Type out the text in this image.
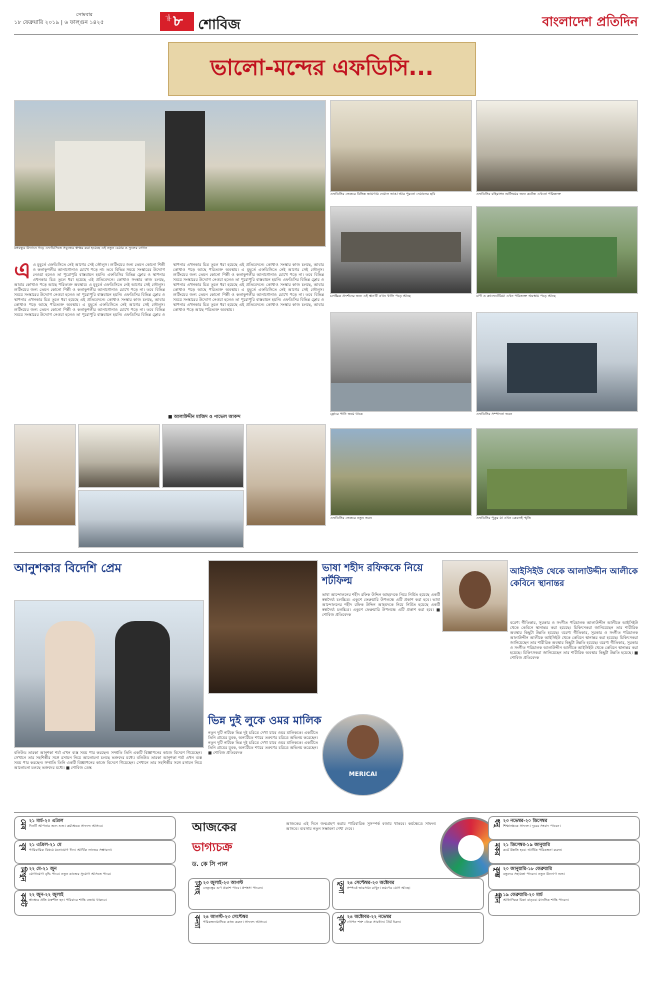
সোমবার
১৮ ফেব্রুয়ারি ২০১৯ | ৬ ফাল্গুন ১৪২৫
পৃষ্ঠা ৮ শোবিজ	বাংলাদেশ প্রতিদিন
ভালো-মন্দের এফডিসি...
বঙ্গবন্ধুর উদ্যানে গড়ে এফডিসিতে সবুজের স্বাক্ষর করা হয়েছে এই নতুন চেয়ার ও ফুলের বাগান
এফডিসির ভেতরে বিভিন্ন জায়গায় দেয়াল ভাঙা আর পুরনো দেয়ালের ছবি	এফডিসির বহিরাঙ্গন শুটিংয়ের জন্য কটেজ এখনো পরিত্যক্ত
চলচ্চিত্র প্রদর্শনের জন্য এই স্থানটি এখন খালি পড়ে আছে	ঝর্ণা ও ক্যাফেটেরিয়া এখন পরিত্যক্ত অবস্থায় পড়ে আছে
ফ্লোরে পানি জমে থাকে	এফডিসির সম্পাদনা ভবন
এফডিসির ভেতরে নতুন ভবন	এফডিসির পুকুর যা এখন কেবলই স্মৃতি
এ এ মুহূর্তে এফডিসিতে নেই আগের সেই জৌলুস। শুটিংয়ের জন্য তেমন কোনো শিল্পী ও কলাকুশলীর আনাগোনাও চোখে পড়ে না। তবে বিভিন্ন সময়ে সংস্কারের উদ্যোগ নেওয়া হলেও তা পুরোপুরি বাস্তবায়ন হয়নি। এফডিসির বিভিন্ন ফ্লোর ও স্থাপনার এখনকার চিত্র তুলে ধরা হয়েছে এই প্রতিবেদনে। কোথাও সংস্কার কাজ চলছে, আবার কোথাও পড়ে আছে পরিত্যক্ত অবস্থায়। এ মুহূর্তে এফডিসিতে নেই আগের সেই জৌলুস। শুটিংয়ের জন্য তেমন কোনো শিল্পী ও কলাকুশলীর আনাগোনাও চোখে পড়ে না। তবে বিভিন্ন সময়ে সংস্কারের উদ্যোগ নেওয়া হলেও তা পুরোপুরি বাস্তবায়ন হয়নি। এফডিসির বিভিন্ন ফ্লোর ও স্থাপনার এখনকার চিত্র তুলে ধরা হয়েছে এই প্রতিবেদনে। কোথাও সংস্কার কাজ চলছে, আবার কোথাও পড়ে আছে পরিত্যক্ত অবস্থায়। এ মুহূর্তে এফডিসিতে নেই আগের সেই জৌলুস। শুটিংয়ের জন্য তেমন কোনো শিল্পী ও কলাকুশলীর আনাগোনাও চোখে পড়ে না। তবে বিভিন্ন সময়ে সংস্কারের উদ্যোগ নেওয়া হলেও তা পুরোপুরি বাস্তবায়ন হয়নি। এফডিসির বিভিন্ন ফ্লোর ও স্থাপনার এখনকার চিত্র তুলে ধরা হয়েছে এই প্রতিবেদনে। কোথাও সংস্কার কাজ চলছে, আবার কোথাও পড়ে আছে পরিত্যক্ত অবস্থায়। এ মুহূর্তে এফডিসিতে নেই আগের সেই জৌলুস। শুটিংয়ের জন্য তেমন কোনো শিল্পী ও কলাকুশলীর আনাগোনাও চোখে পড়ে না। তবে বিভিন্ন সময়ে সংস্কারের উদ্যোগ নেওয়া হলেও তা পুরোপুরি বাস্তবায়ন হয়নি। এফডিসির বিভিন্ন ফ্লোর ও স্থাপনার এখনকার চিত্র তুলে ধরা হয়েছে এই প্রতিবেদনে। কোথাও সংস্কার কাজ চলছে, আবার কোথাও পড়ে আছে পরিত্যক্ত অবস্থায়। এ মুহূর্তে এফডিসিতে নেই আগের সেই জৌলুস। শুটিংয়ের জন্য তেমন কোনো শিল্পী ও কলাকুশলীর আনাগোনাও চোখে পড়ে না। তবে বিভিন্ন সময়ে সংস্কারের উদ্যোগ নেওয়া হলেও তা পুরোপুরি বাস্তবায়ন হয়নি। এফডিসির বিভিন্ন ফ্লোর ও স্থাপনার এখনকার চিত্র তুলে ধরা হয়েছে এই প্রতিবেদনে। কোথাও সংস্কার কাজ চলছে, আবার কোথাও পড়ে আছে পরিত্যক্ত অবস্থায়।
■ আলাউদ্দীন মাজিদ ও পাভেল আকন্দ
আনুশকার বিদেশি প্রেম
বলিউড তারকা আনুশকা শর্মা এখন ব্যস্ত সময় পার করছেন। সম্প্রতি তিনি একটি বিজ্ঞাপনের কাজে বিদেশে গিয়েছেন। সেখানে তার সহশিল্পীর সঙ্গে রসায়ন নিয়ে আলোচনা চলছে ভক্তদের মধ্যে। বলিউড তারকা আনুশকা শর্মা এখন ব্যস্ত সময় পার করছেন। সম্প্রতি তিনি একটি বিজ্ঞাপনের কাজে বিদেশে গিয়েছেন। সেখানে তার সহশিল্পীর সঙ্গে রসায়ন নিয়ে আলোচনা চলছে ভক্তদের মধ্যে। ■ শোবিজ ডেস্ক
ভাষা শহীদ রফিককে নিয়ে শর্টফিল্ম
ভাষা আন্দোলনের শহীদ রফিক উদ্দিন আহমদকে নিয়ে নির্মিত হয়েছে একটি স্বল্পদৈর্ঘ্য চলচ্চিত্র। একুশে ফেব্রুয়ারি উপলক্ষে এটি প্রকাশ করা হবে। ভাষা আন্দোলনের শহীদ রফিক উদ্দিন আহমদকে নিয়ে নির্মিত হয়েছে একটি স্বল্পদৈর্ঘ্য চলচ্চিত্র। একুশে ফেব্রুয়ারি উপলক্ষে এটি প্রকাশ করা হবে। ■ শোবিজ প্রতিবেদক
ভিন্ন দুই লুকে ওমর মালিক
নতুন দুটি নাটকে ভিন্ন দুই চরিত্রে দেখা যাবে ওমর মালিককে। একটিতে তিনি গ্রামের যুবক, অন্যটিতে শহুরে তরুণের চরিত্রে অভিনয় করেছেন। নতুন দুটি নাটকে ভিন্ন দুই চরিত্রে দেখা যাবে ওমর মালিককে। একটিতে তিনি গ্রামের যুবক, অন্যটিতে শহুরে তরুণের চরিত্রে অভিনয় করেছেন। ■ শোবিজ প্রতিবেদক
MERICAI
আইসিইউ থেকে আলাউদ্দীন আলীকে কেবিনে স্থানান্তর
বরেণ্য গীতিকার, সুরকার ও সংগীত পরিচালক আলাউদ্দীন আলীকে আইসিইউ থেকে কেবিনে স্থানান্তর করা হয়েছে। চিকিৎসকরা জানিয়েছেন তার শারীরিক অবস্থার কিছুটা উন্নতি হয়েছে। বরেণ্য গীতিকার, সুরকার ও সংগীত পরিচালক আলাউদ্দীন আলীকে আইসিইউ থেকে কেবিনে স্থানান্তর করা হয়েছে। চিকিৎসকরা জানিয়েছেন তার শারীরিক অবস্থার কিছুটা উন্নতি হয়েছে। বরেণ্য গীতিকার, সুরকার ও সংগীত পরিচালক আলাউদ্দীন আলীকে আইসিইউ থেকে কেবিনে স্থানান্তর করা হয়েছে। চিকিৎসকরা জানিয়েছেন তার শারীরিক অবস্থার কিছুটা উন্নতি হয়েছে। ■ শোবিজ প্রতিবেদক
আজকের
ভাগ্যচক্র
ড. কে সি পাল
আজকের এই দিনে জন্মগ্রহণ করায় পারিবারিক সুসম্পর্ক বজায় থাকবে। কর্মক্ষেত্রে সাফল্য আসবে। ব্যবসায় নতুন সম্ভাবনা দেখা দেবে।
মেষ ২১ মার্চ-২০ এপ্রিল
দিনটি আপনার জন্য শুভ। কর্মক্ষেত্রে সাফল্য আসবে।
বৃষ ২১ এপ্রিল-২১ মে
পারিবারিক বিষয়ে মনোযোগ দিন। আর্থিক লাভের সম্ভাবনা।
মিথুন ২২ মে-২১ জুন
যোগাযোগ বৃদ্ধি পাবে। নতুন কাজের সুযোগ আসতে পারে।
কর্কট ২২ জুন-২২ জুলাই
স্বাস্থ্যের প্রতি যত্নশীল হন। পরিবারে শান্তি বজায় থাকবে।
সিংহ ২৩ জুলাই-২৩ আগস্ট
নেতৃত্বের গুণ প্রকাশ পাবে। প্রশংসা পাবেন।
কন্যা ২৪ আগস্ট-২৩ সেপ্টেম্বর
পরিকল্পনামাফিক কাজ করুন। সাফল্য আসবে।
তুলা ২৪ সেপ্টেম্বর-২৩ অক্টোবর
সম্পর্কে ভারসাম্য রাখুন। ভ্রমণের যোগ আছে।
বৃশ্চিক ২৪ অক্টোবর-২২ নভেম্বর
গোপন শত্রু থেকে সাবধান। ধৈর্য ধরুন।
ধনু ২৩ নভেম্বর-২০ ডিসেম্বর
শিক্ষাক্ষেত্রে সাফল্য। দূরের সংবাদ পাবেন।
মকর ২১ ডিসেম্বর-১৯ জানুয়ারি
কর্মে উন্নতি হবে। আর্থিক পরিকল্পনা করুন।
কুম্ভ ২০ জানুয়ারি-১৮ ফেব্রুয়ারি
বন্ধুদের সহায়তা পাবেন। নতুন উদ্যোগ শুভ।
মীন ১৯ ফেব্রুয়ারি-২০ মার্চ
আধ্যাত্মিক চিন্তা বাড়বে। মানসিক শান্তি পাবেন।
